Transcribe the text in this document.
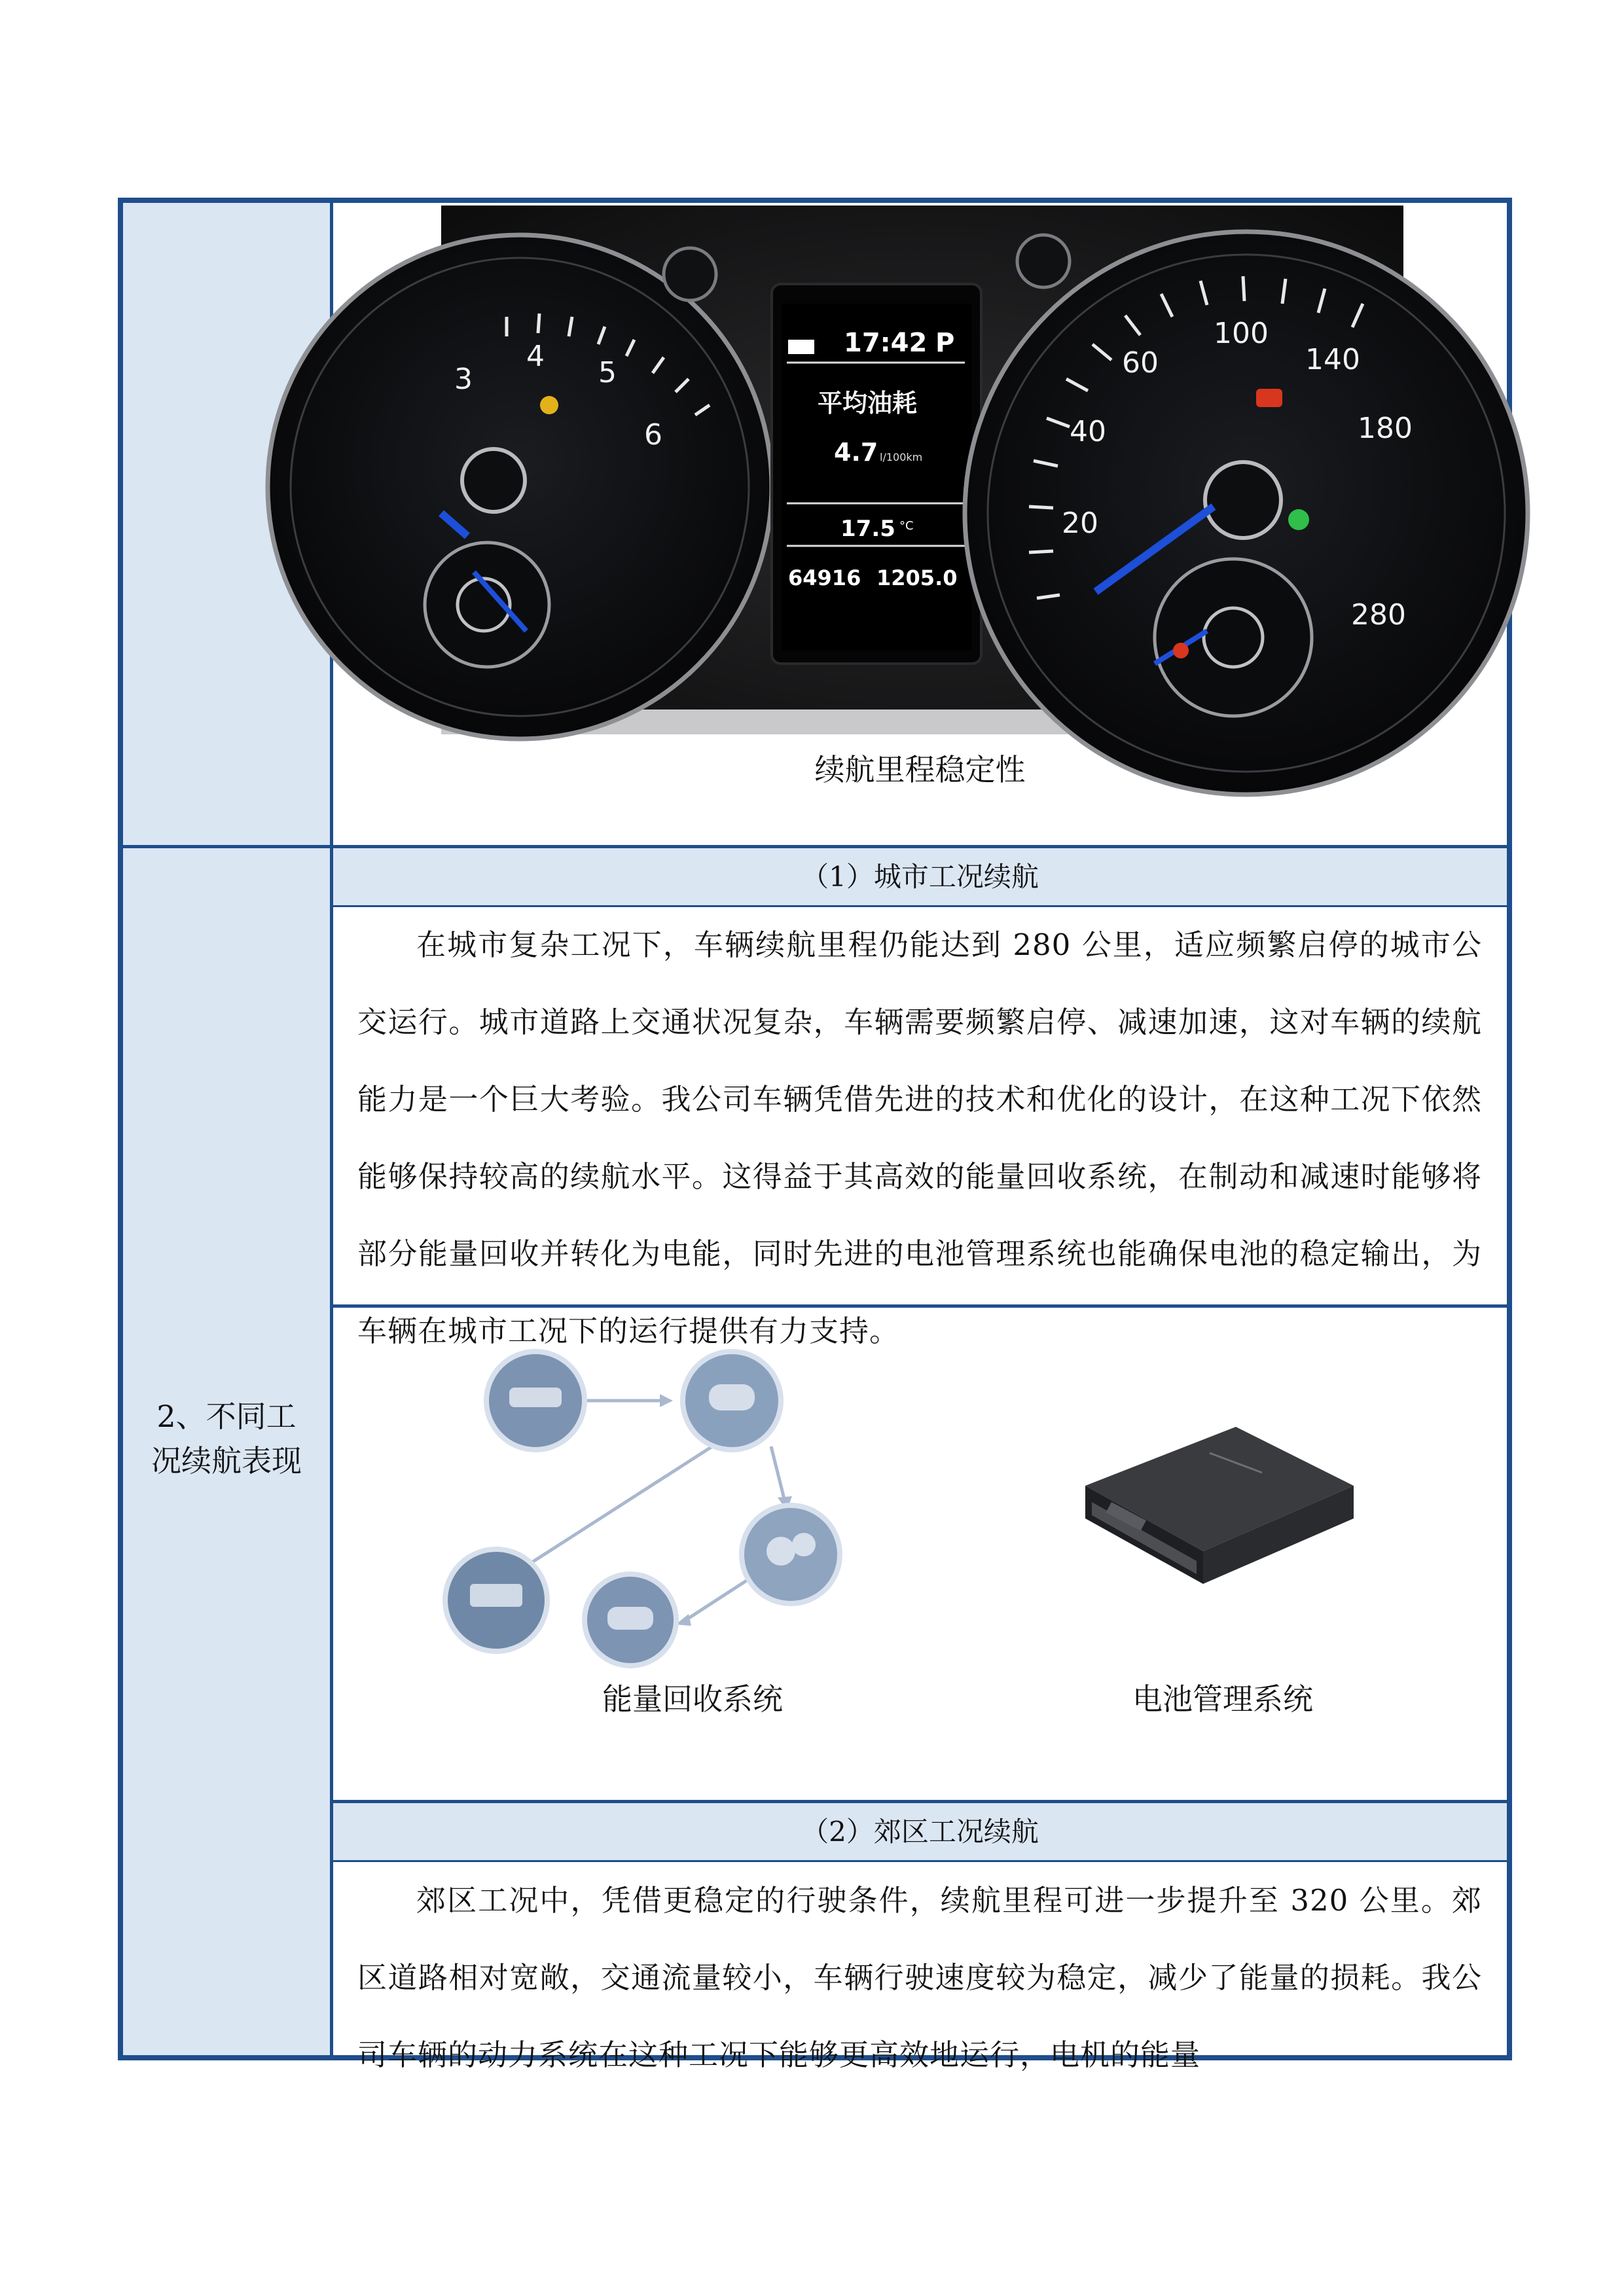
3
4 5
6
17:42 P
平均油耗
4.7 l/100km
17.5 °C
64916 1205.0
20
40
60
100
140
180
280
续航里程稳定性
2、不同工况续航表现
（1）城市工况续航
在城市复杂工况下，车辆续航里程仍能达到 280 公里，适应频繁启停的城市公交运行。城市道路上交通状况复杂，车辆需要频繁启停、减速加速，这对车辆的续航能力是一个巨大考验。我公司车辆凭借先进的技术和优化的设计，在这种工况下依然能够保持较高的续航水平。这得益于其高效的能量回收系统，在制动和减速时能够将部分能量回收并转化为电能，同时先进的电池管理系统也能确保电池的稳定输出，为车辆在城市工况下的运行提供有力支持。
能量回收系统	电池管理系统
（2）郊区工况续航
郊区工况中，凭借更稳定的行驶条件，续航里程可进一步提升至 320 公里。郊区道路相对宽敞，交通流量较小，车辆行驶速度较为稳定，减少了能量的损耗。我公司车辆的动力系统在这种工况下能够更高效地运行，电机的能量
